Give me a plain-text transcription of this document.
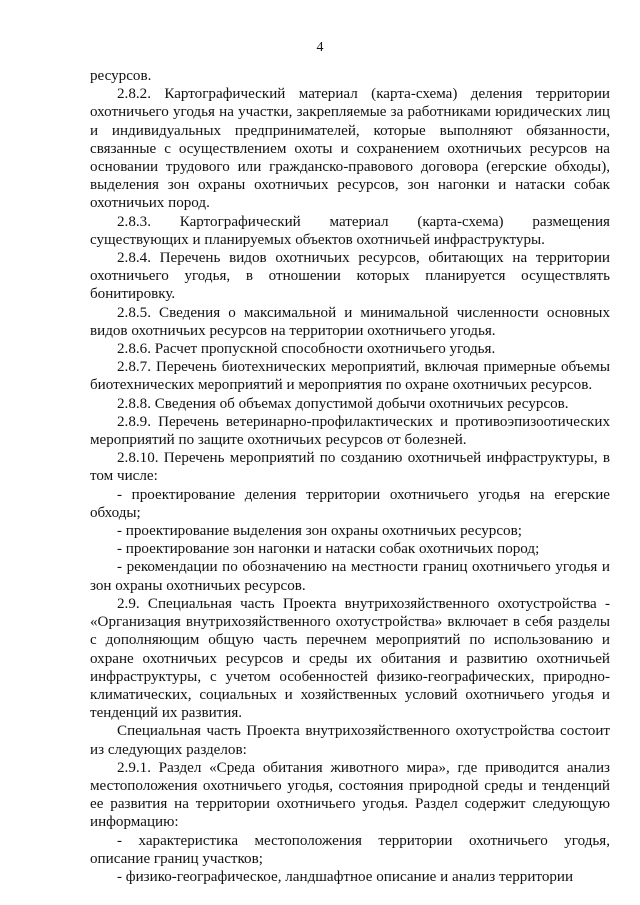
4

ресурсов.

2.8.2. Картографический материал (карта-схема) деления территории охотничьего угодья на участки, закрепляемые за работниками юридических лиц и индивидуальных предпринимателей, которые выполняют обязанности, связанные с осуществлением охоты и сохранением охотничьих ресурсов на основании трудового или гражданско-правового договора (егерские обходы), выделения зон охраны охотничьих ресурсов, зон нагонки и натаски собак охотничьих пород.

2.8.3. Картографический материал (карта-схема) размещения существующих и планируемых объектов охотничьей инфраструктуры.

2.8.4. Перечень видов охотничьих ресурсов, обитающих на территории охотничьего угодья, в отношении которых планируется осуществлять бонитировку.

2.8.5. Сведения о максимальной и минимальной численности основных видов охотничьих ресурсов на территории охотничьего угодья.

2.8.6. Расчет пропускной способности охотничьего угодья.

2.8.7. Перечень биотехнических мероприятий, включая примерные объемы биотехнических мероприятий и мероприятия по охране охотничьих ресурсов.

2.8.8. Сведения об объемах допустимой добычи охотничьих ресурсов.

2.8.9. Перечень ветеринарно-профилактических и противоэпизоотических мероприятий по защите охотничьих ресурсов от болезней.

2.8.10. Перечень мероприятий по созданию охотничьей инфраструктуры, в том числе:

- проектирование деления территории охотничьего угодья на егерские обходы;

- проектирование выделения зон охраны охотничьих ресурсов;

- проектирование зон нагонки и натаски собак охотничьих пород;

- рекомендации по обозначению на местности границ охотничьего угодья и зон охраны охотничьих ресурсов.

2.9. Специальная часть Проекта внутрихозяйственного охотустройства - «Организация внутрихозяйственного охотустройства» включает в себя разделы с дополняющим общую часть перечнем мероприятий по использованию и охране охотничьих ресурсов и среды их обитания и развитию охотничьей инфраструктуры, с учетом особенностей физико-географических, природно-климатических, социальных и хозяйственных условий охотничьего угодья и тенденций их развития.

Специальная часть Проекта внутрихозяйственного охотустройства состоит из следующих разделов:

2.9.1. Раздел «Среда обитания животного мира», где приводится анализ местоположения охотничьего угодья, состояния природной среды и тенденций ее развития на территории охотничьего угодья. Раздел содержит следующую информацию:

- характеристика местоположения территории охотничьего угодья, описание границ участков;

- физико-географическое, ландшафтное описание и анализ территории
